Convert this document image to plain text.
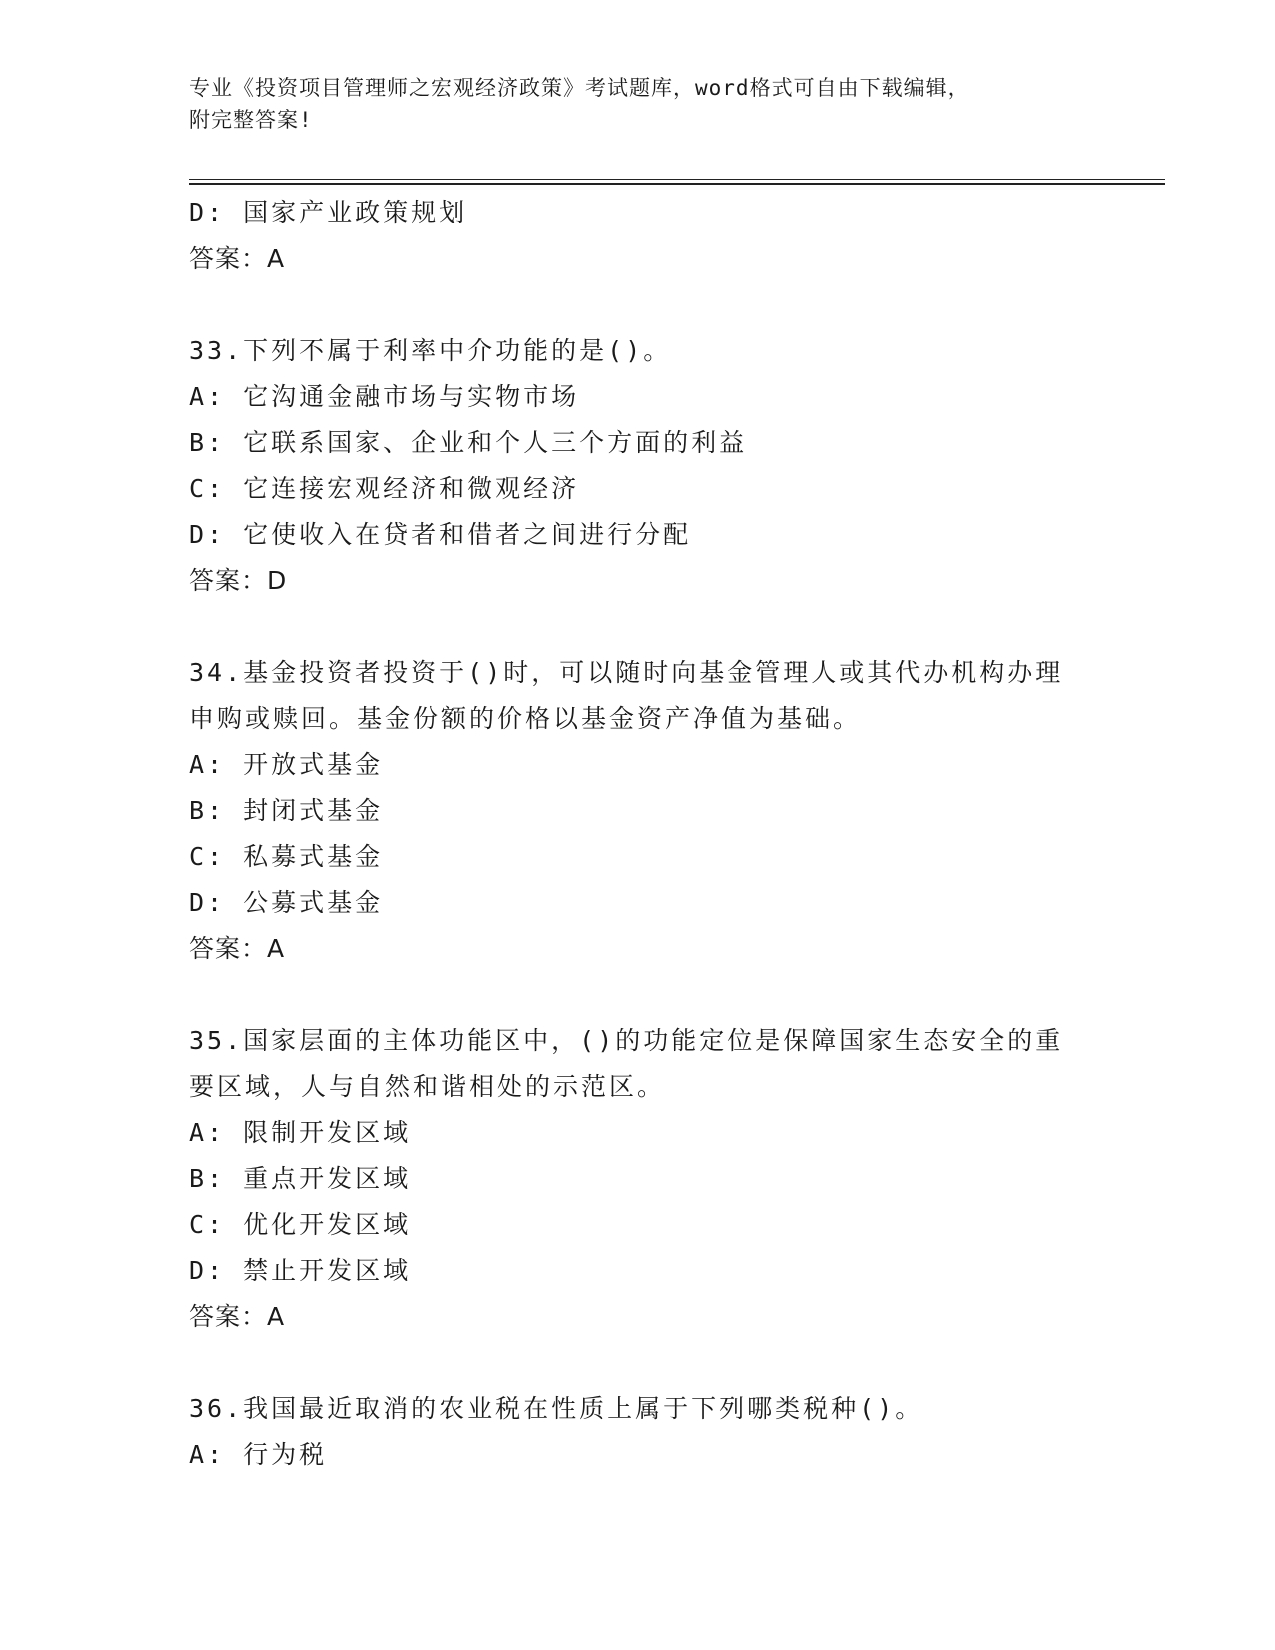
专业《投资项目管理师之宏观经济政策》考试题库，word格式可自由下载编辑，
附完整答案!
D: 国家产业政策规划
答案：A
33.下列不属于利率中介功能的是()。
A: 它沟通金融市场与实物市场
B: 它联系国家、企业和个人三个方面的利益
C: 它连接宏观经济和微观经济
D: 它使收入在贷者和借者之间进行分配
答案：D
34.基金投资者投资于()时，可以随时向基金管理人或其代办机构办理
申购或赎回。基金份额的价格以基金资产净值为基础。
A: 开放式基金
B: 封闭式基金
C: 私募式基金
D: 公募式基金
答案：A
35.国家层面的主体功能区中，()的功能定位是保障国家生态安全的重
要区域，人与自然和谐相处的示范区。
A: 限制开发区域
B: 重点开发区域
C: 优化开发区域
D: 禁止开发区域
答案：A
36.我国最近取消的农业税在性质上属于下列哪类税种()。
A: 行为税
